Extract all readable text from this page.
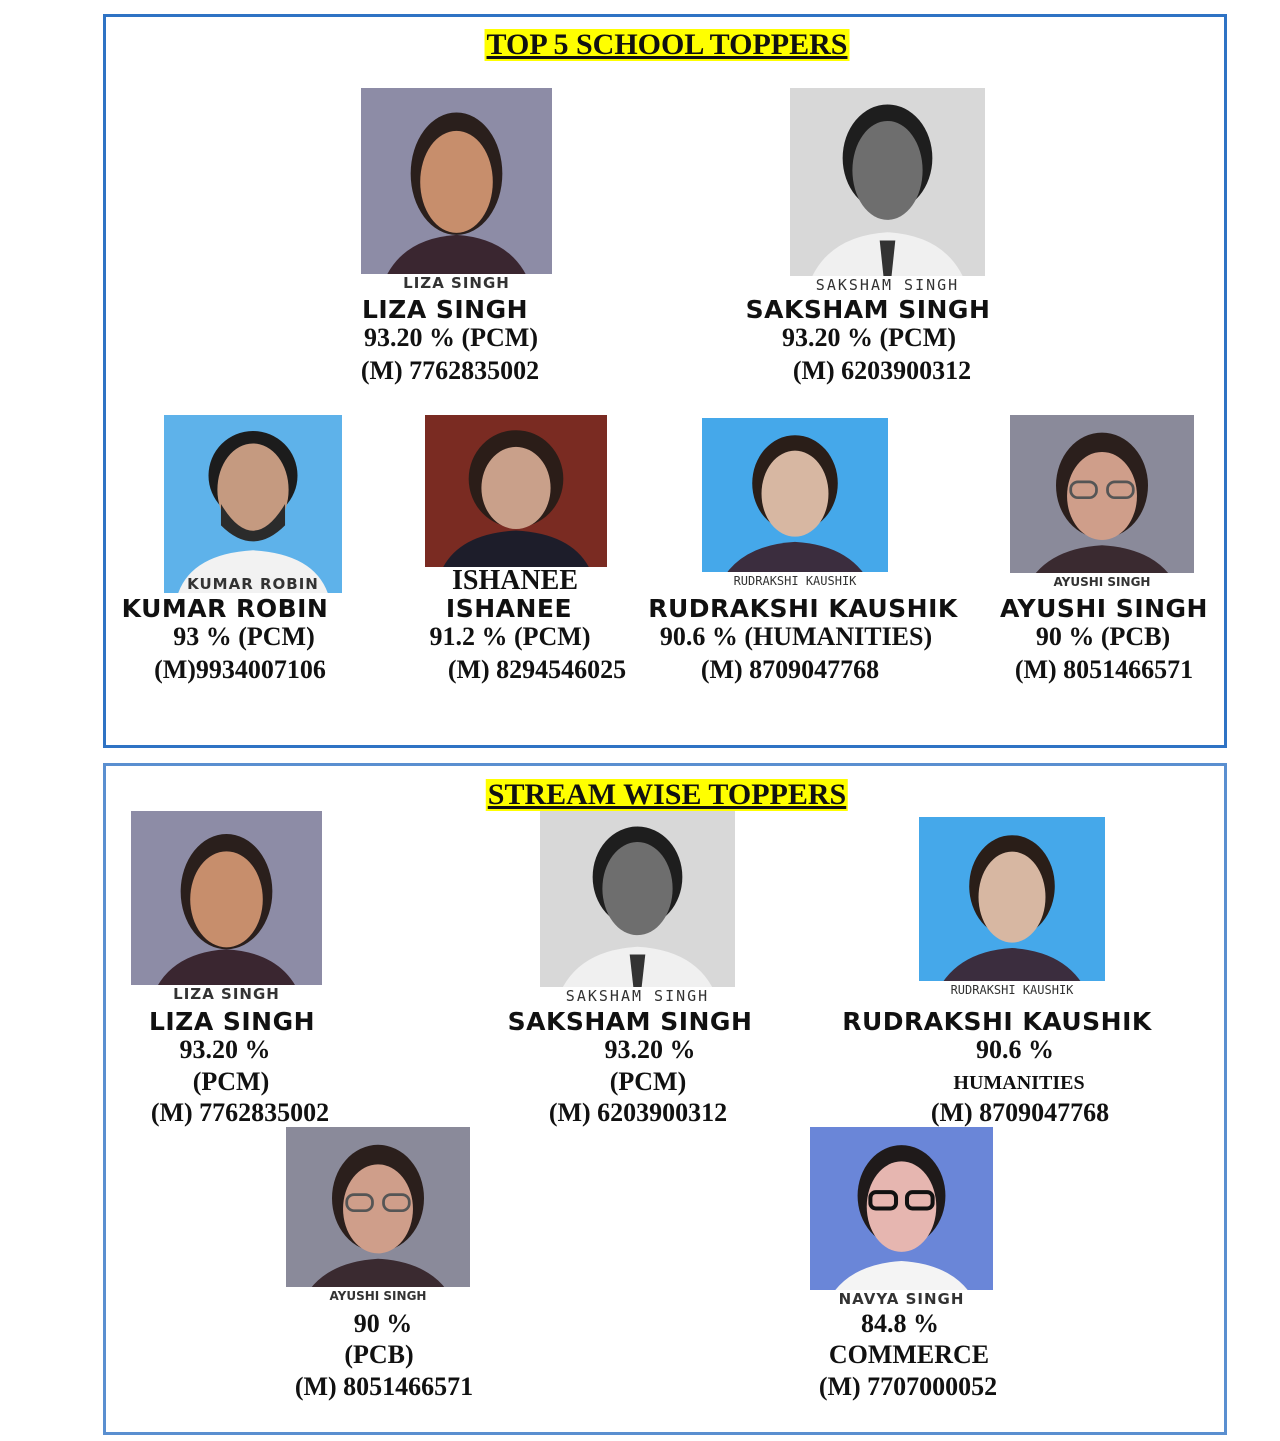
TOP 5 SCHOOL TOPPERS
LIZA SINGH
LIZA SINGH
93.20 % (PCM)
(M) 7762835002
SAKSHAM SINGH
SAKSHAM SINGH
93.20 % (PCM)
(M) 6203900312
KUMAR ROBIN
KUMAR ROBIN
93 % (PCM)
(M)9934007106
ISHANEE
ISHANEE
91.2 % (PCM)
(M) 8294546025
RUDRAKSHI KAUSHIK
RUDRAKSHI KAUSHIK
90.6 % (HUMANITIES)
(M) 8709047768
AYUSHI SINGH
AYUSHI SINGH
90 % (PCB)
(M) 8051466571
STREAM WISE TOPPERS
LIZA SINGH
LIZA SINGH
93.20 %
(PCM)
(M) 7762835002
SAKSHAM SINGH
SAKSHAM SINGH
93.20 %
(PCM)
(M) 6203900312
RUDRAKSHI KAUSHIK
RUDRAKSHI KAUSHIK
90.6 %
HUMANITIES
(M) 8709047768
AYUSHI SINGH
90 %
(PCB)
(M) 8051466571
NAVYA SINGH
84.8 %
COMMERCE
(M) 7707000052
